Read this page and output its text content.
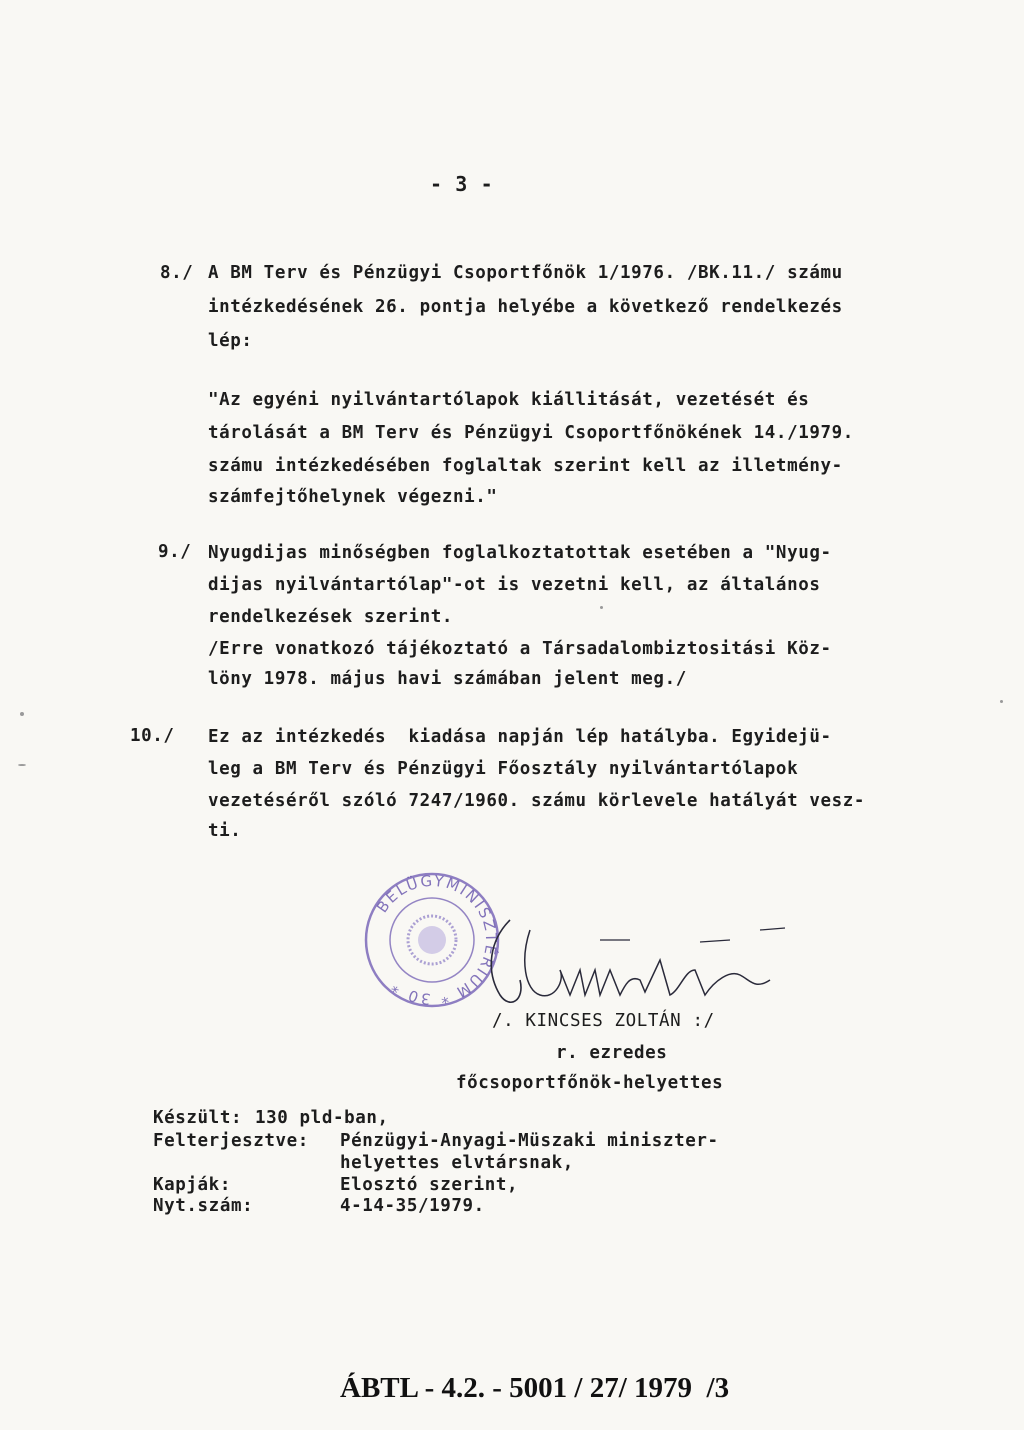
- 3 -
8./ A BM Terv és Pénzügyi Csoportfőnök 1/1976. /BK.11./ számu
intézkedésének 26. pontja helyébe a következő rendelkezés
lép:
"Az egyéni nyilvántartólapok kiállitását, vezetését és
tárolását a BM Terv és Pénzügyi Csoportfőnökének 14./1979.
számu intézkedésében foglaltak szerint kell az illetmény-
számfejtőhelynek végezni."
9./ Nyugdijas minőségben foglalkoztatottak esetében a "Nyug-
dijas nyilvántartólap"-ot is vezetni kell, az általános
rendelkezések szerint.
/Erre vonatkozó tájékoztató a Társadalombiztositási Köz-
löny 1978. május havi számában jelent meg./
10./ Ez az intézkedés  kiadása napján lép hatályba. Egyidejü-
leg a BM Terv és Pénzügyi Főosztály nyilvántartólapok
vezetéséről szóló 7247/1960. számu körlevele hatályát vesz-
ti.
BELÜGYMINISZTÉRIUM * 30 *
/. KINCSES ZOLTÁN :/
r. ezredes
főcsoportfőnök-helyettes
Készült: 130 pld-ban,
Felterjesztve: Pénzügyi-Anyagi-Müszaki miniszter-
helyettes elvtársnak,
Kapják:	Elosztó szerint,
Nyt.szám:	4-14-35/1979.
ÁBTL - 4.2. - 5001 / 27/ 1979  /3
